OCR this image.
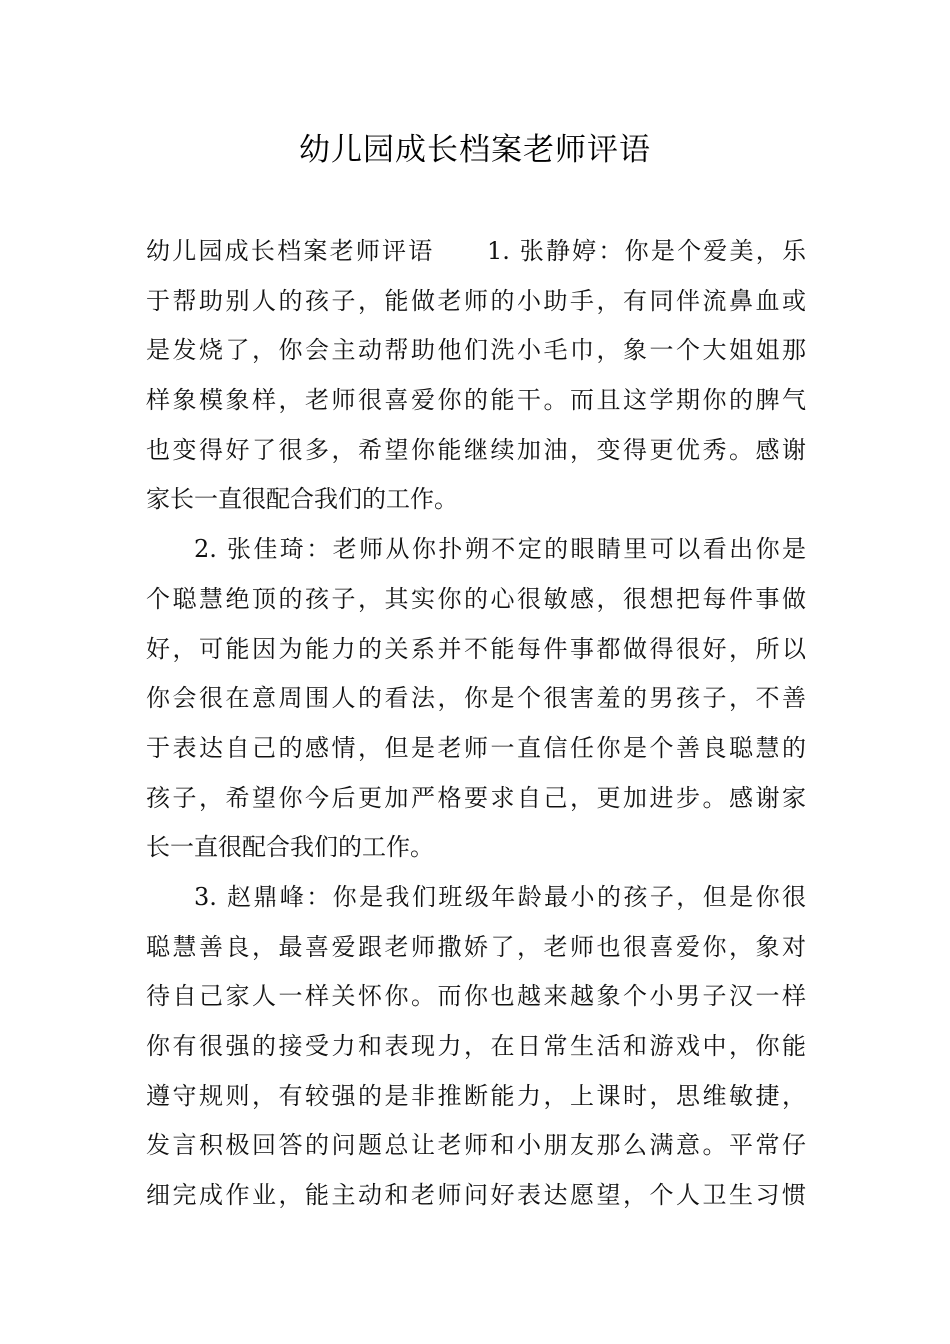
幼儿园成长档案老师评语
幼儿园成长档案老师评语　　1. 张静婷：你是个爱美，乐
于帮助别人的孩子，能做老师的小助手，有同伴流鼻血或
是发烧了，你会主动帮助他们洗小毛巾，象一个大姐姐那
样象模象样，老师很喜爱你的能干。而且这学期你的脾气
也变得好了很多，希望你能继续加油，变得更优秀。感谢
家长一直很配合我们的工作。
2. 张佳琦：老师从你扑朔不定的眼睛里可以看出你是
个聪慧绝顶的孩子，其实你的心很敏感，很想把每件事做
好，可能因为能力的关系并不能每件事都做得很好，所以
你会很在意周围人的看法，你是个很害羞的男孩子，不善
于表达自己的感情，但是老师一直信任你是个善良聪慧的
孩子，希望你今后更加严格要求自己，更加进步。感谢家
长一直很配合我们的工作。
3. 赵鼎峰：你是我们班级年龄最小的孩子，但是你很
聪慧善良，最喜爱跟老师撒娇了，老师也很喜爱你，象对
待自己家人一样关怀你。而你也越来越象个小男子汉一样
你有很强的接受力和表现力，在日常生活和游戏中，你能
遵守规则，有较强的是非推断能力，上课时，思维敏捷，
发言积极回答的问题总让老师和小朋友那么满意。平常仔
细完成作业，能主动和老师问好表达愿望，个人卫生习惯
